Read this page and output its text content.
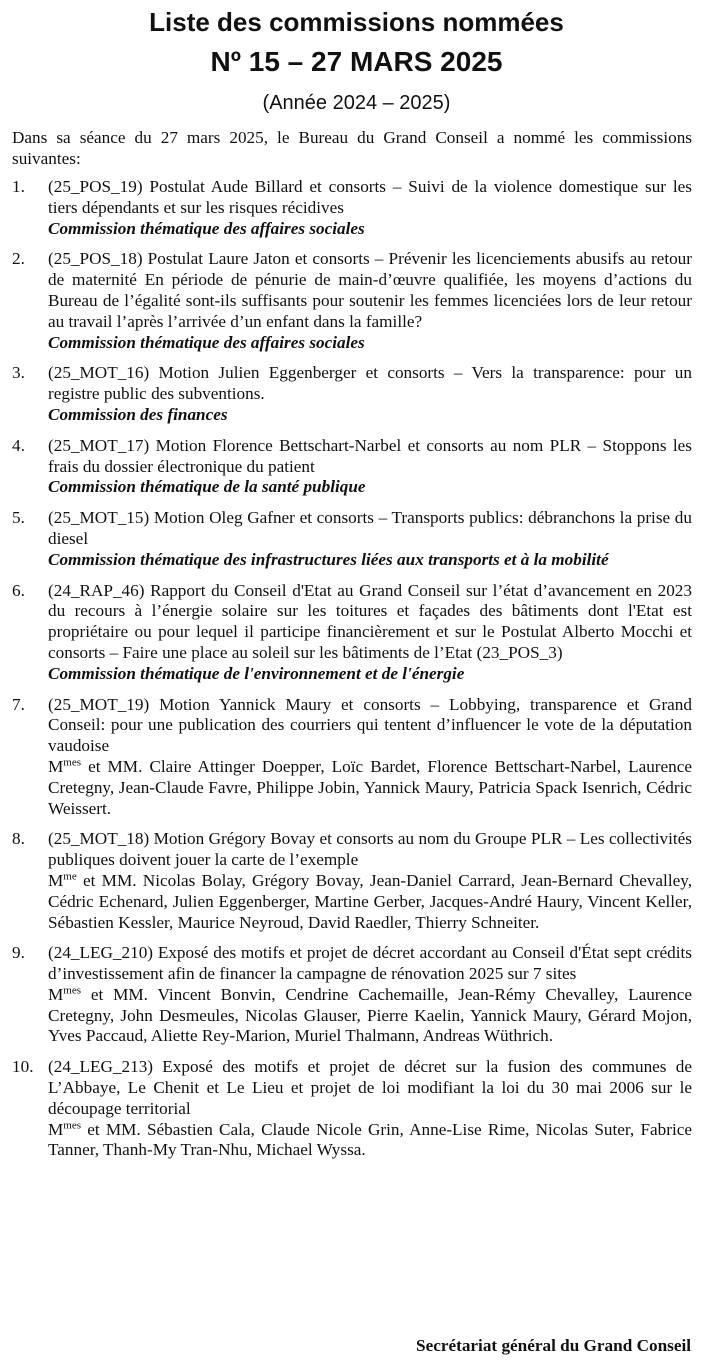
Liste des commissions nommées
Nº 15 – 27 MARS 2025
(Année 2024 – 2025)
Dans sa séance du 27 mars 2025, le Bureau du Grand Conseil a nommé les commissions suivantes:
1.	(25_POS_19) Postulat Aude Billard et consorts – Suivi de la violence domestique sur les tiers dépendants et sur les risques récidives
Commission thématique des affaires sociales
2.	(25_POS_18) Postulat Laure Jaton et consorts – Prévenir les licenciements abusifs au retour de maternité En période de pénurie de main-d’œuvre qualifiée, les moyens d’actions du Bureau de l’égalité sont-ils suffisants pour soutenir les femmes licenciées lors de leur retour au travail l’après l’arrivée d’un enfant dans la famille?
Commission thématique des affaires sociales
3.	(25_MOT_16) Motion Julien Eggenberger et consorts – Vers la transparence: pour un registre public des subventions.
Commission des finances
4.	(25_MOT_17) Motion Florence Bettschart-Narbel et consorts au nom PLR – Stoppons les frais du dossier électronique du patient
Commission thématique de la santé publique
5.	(25_MOT_15) Motion Oleg Gafner et consorts – Transports publics: débranchons la prise du diesel
Commission thématique des infrastructures liées aux transports et à la mobilité
6.	(24_RAP_46) Rapport du Conseil d'Etat au Grand Conseil sur l’état d’avancement en 2023 du recours à l’énergie solaire sur les toitures et façades des bâtiments dont l'Etat est propriétaire ou pour lequel il participe financièrement et sur le Postulat Alberto Mocchi et consorts – Faire une place au soleil sur les bâtiments de l’Etat (23_POS_3)
Commission thématique de l'environnement et de l'énergie
7.	(25_MOT_19) Motion Yannick Maury et consorts – Lobbying, transparence et Grand Conseil: pour une publication des courriers qui tentent d’influencer le vote de la députation vaudoise
$M^{mes}$ et MM. Claire Attinger Doepper, Loïc Bardet, Florence Bettschart-Narbel, Laurence Cretegny, Jean-Claude Favre, Philippe Jobin, Yannick Maury, Patricia Spack Isenrich, Cédric Weissert.
8.	(25_MOT_18) Motion Grégory Bovay et consorts au nom du Groupe PLR – Les collectivités publiques doivent jouer la carte de l’exemple
$M^{me}$ et MM. Nicolas Bolay, Grégory Bovay, Jean-Daniel Carrard, Jean-Bernard Chevalley, Cédric Echenard, Julien Eggenberger, Martine Gerber, Jacques-André Haury, Vincent Keller, Sébastien Kessler, Maurice Neyroud, David Raedler, Thierry Schneiter.
9.	(24_LEG_210) Exposé des motifs et projet de décret accordant au Conseil d'État sept crédits d’investissement afin de financer la campagne de rénovation 2025 sur 7 sites
$M^{mes}$ et MM. Vincent Bonvin, Cendrine Cachemaille, Jean-Rémy Chevalley, Laurence Cretegny, John Desmeules, Nicolas Glauser, Pierre Kaelin, Yannick Maury, Gérard Mojon, Yves Paccaud, Aliette Rey-Marion, Muriel Thalmann, Andreas Wüthrich.
10. (24_LEG_213) Exposé des motifs et projet de décret sur la fusion des communes de L’Abbaye, Le Chenit et Le Lieu et projet de loi modifiant la loi du 30 mai 2006 sur le découpage territorial
$M^{mes}$ et MM. Sébastien Cala, Claude Nicole Grin, Anne-Lise Rime, Nicolas Suter, Fabrice Tanner, Thanh-My Tran-Nhu, Michael Wyssa.
Secrétariat général du Grand Conseil
